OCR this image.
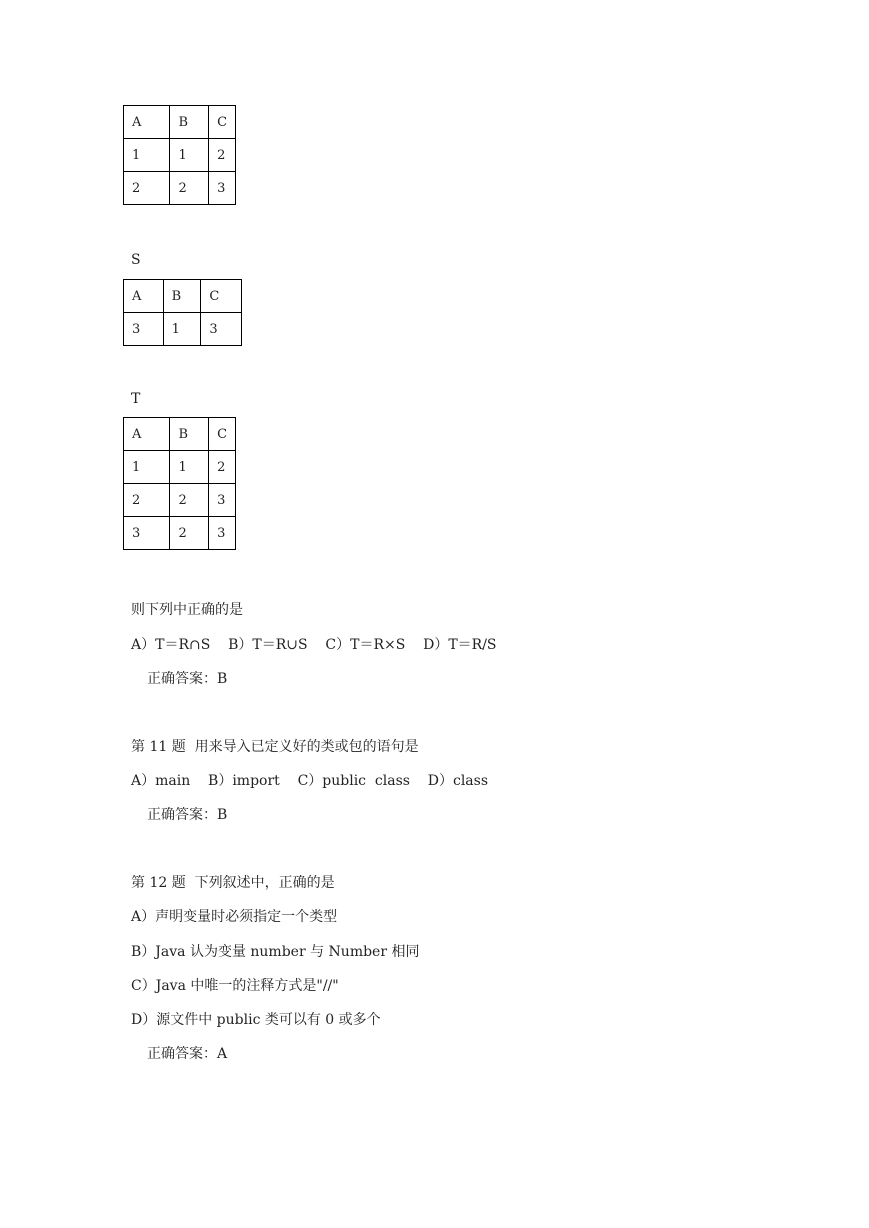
A	B	C
1	1	2
2	2	3
S
A	B	C
3	1	3
T
A	B	C
1	1	2
2	2	3
3	2	3
则下列中正确的是
A）T＝R∩S    B）T＝R∪S    C）T＝R×S    D）T＝R/S
正确答案：B
第 11 题  用来导入已定义好的类或包的语句是
A）main    B）import    C）public  class    D）class
正确答案：B
第 12 题  下列叙述中，正确的是
A）声明变量时必须指定一个类型
B）Java 认为变量 number 与 Number 相同
C）Java 中唯一的注释方式是"//"
D）源文件中 public 类可以有 0 或多个
正确答案：A
